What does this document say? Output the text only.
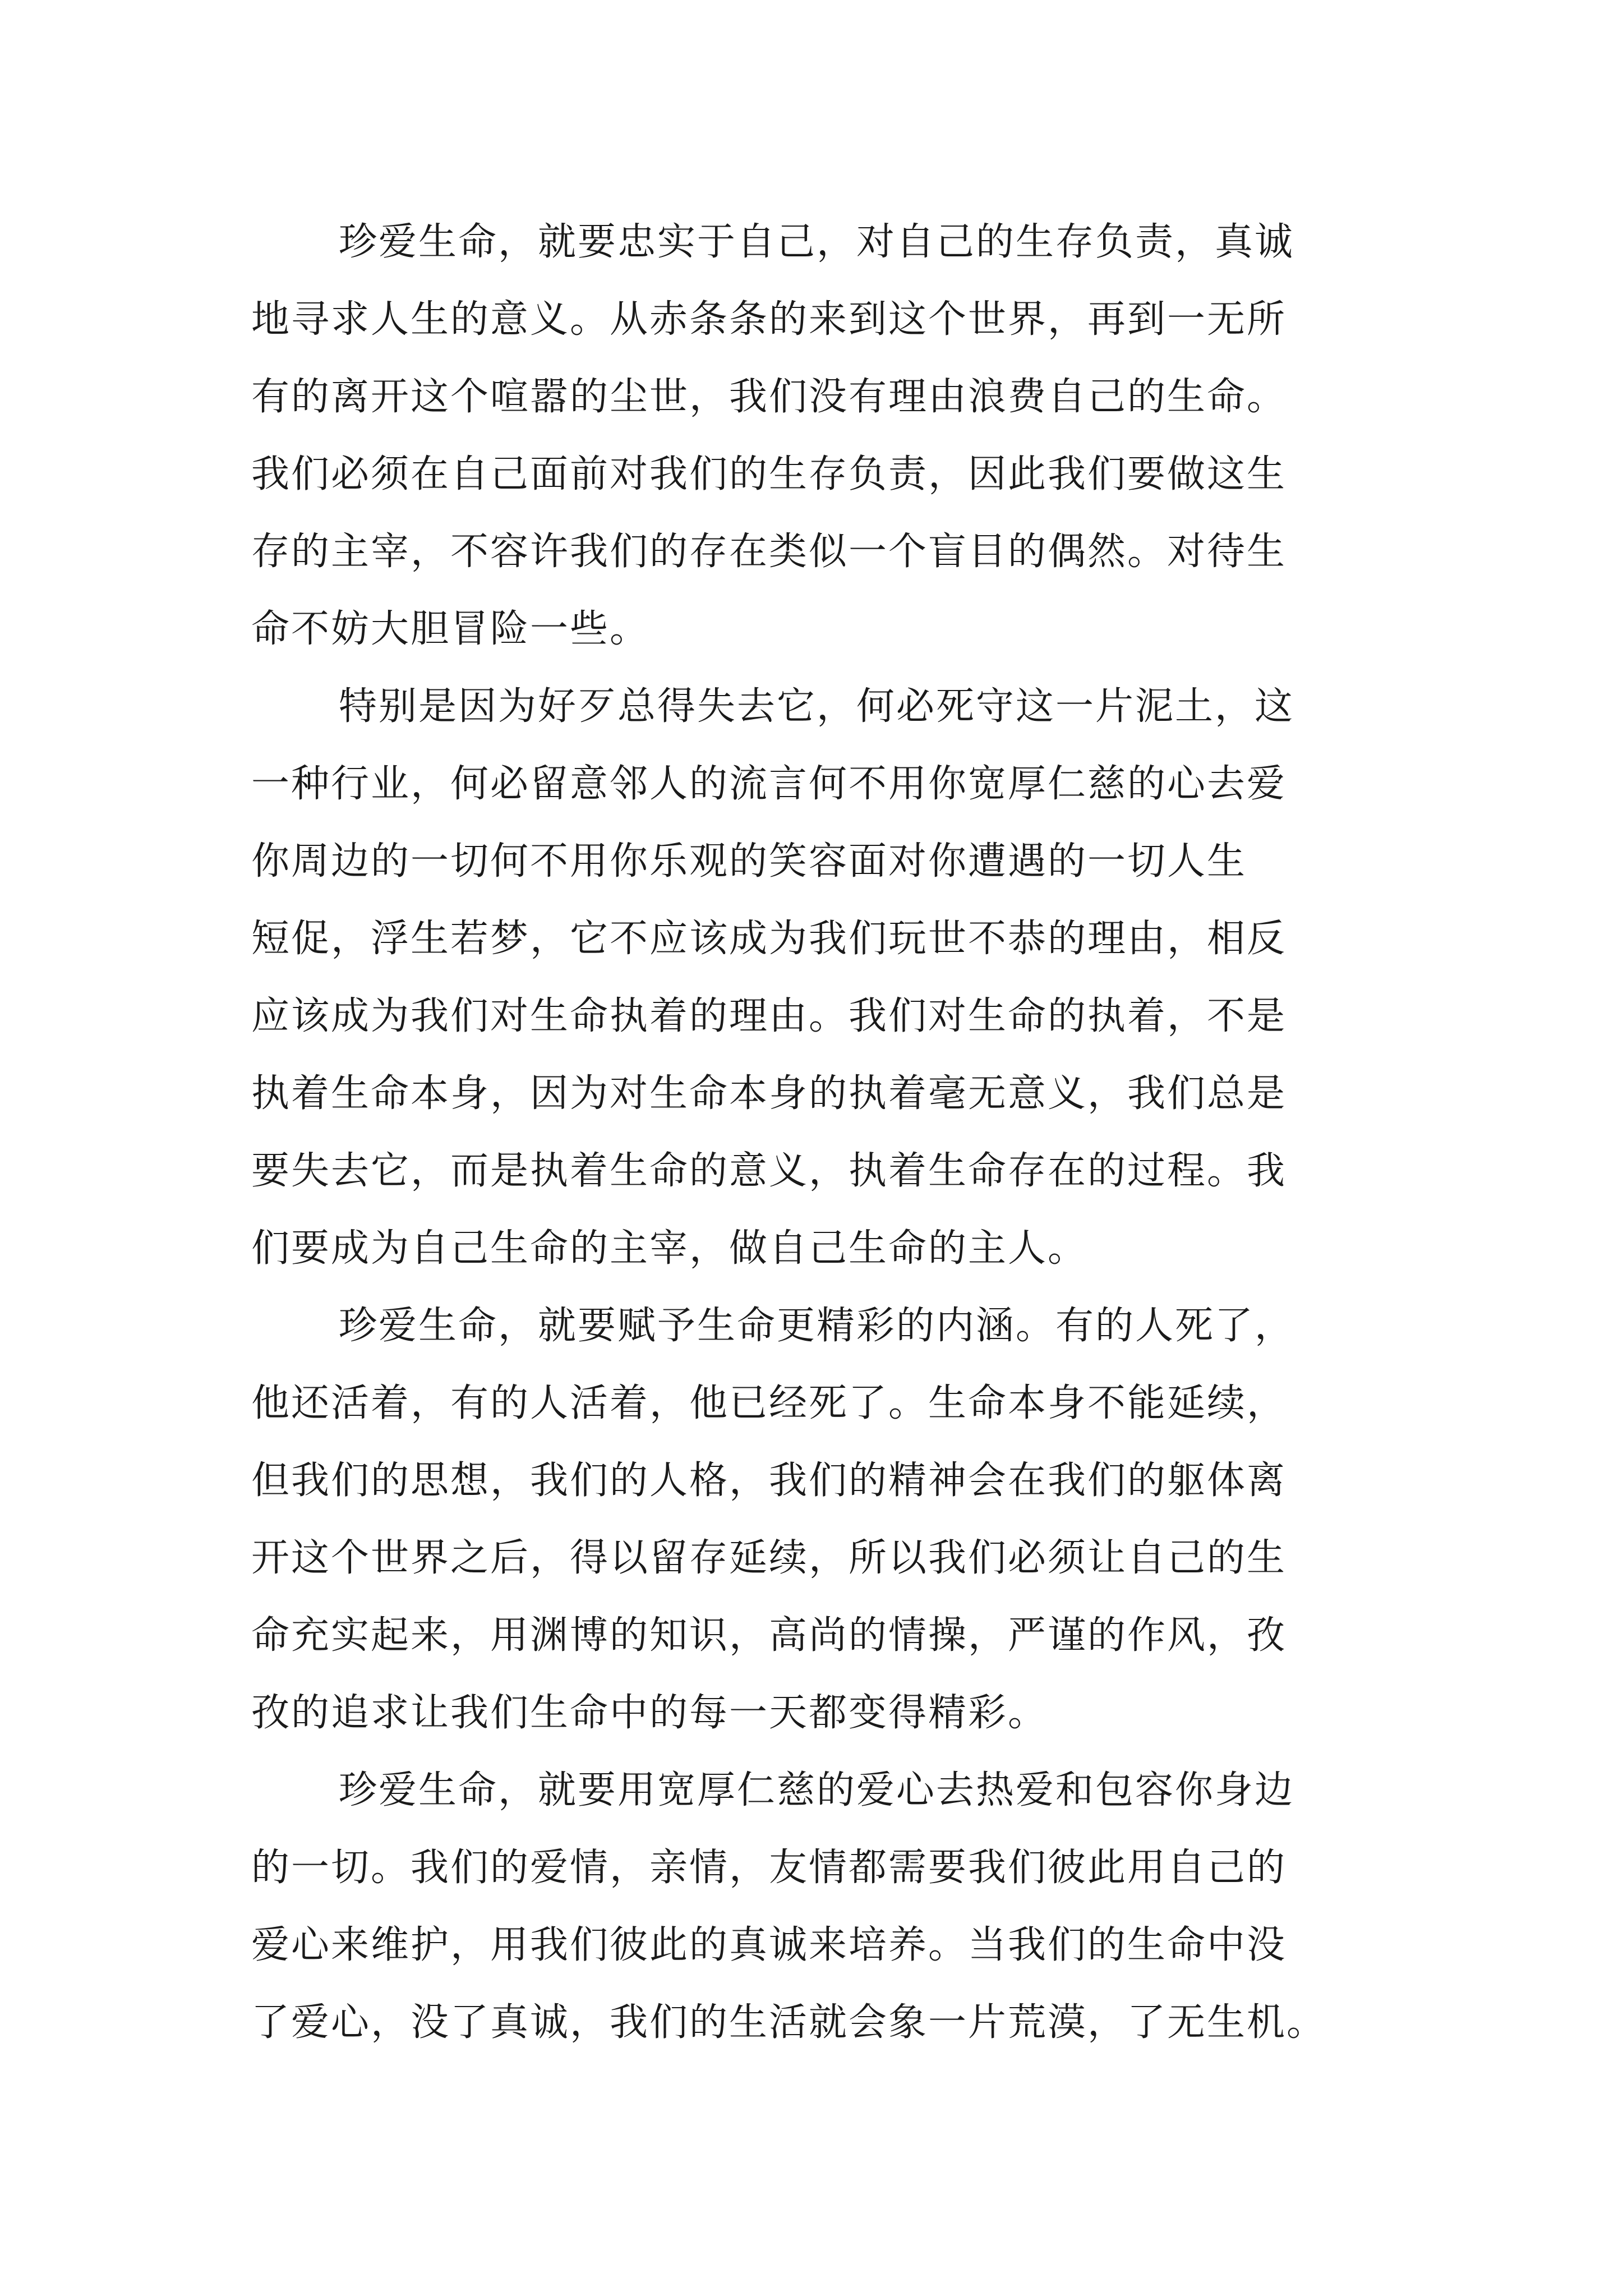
珍爱生命，就要忠实于自己，对自己的生存负责，真诚
地寻求人生的意义。从赤条条的来到这个世界，再到一无所
有的离开这个喧嚣的尘世，我们没有理由浪费自己的生命。
我们必须在自己面前对我们的生存负责，因此我们要做这生
存的主宰，不容许我们的存在类似一个盲目的偶然。对待生
命不妨大胆冒险一些。
特别是因为好歹总得失去它，何必死守这一片泥土，这
一种行业，何必留意邻人的流言何不用你宽厚仁慈的心去爱
你周边的一切何不用你乐观的笑容面对你遭遇的一切人生
短促，浮生若梦，它不应该成为我们玩世不恭的理由，相反
应该成为我们对生命执着的理由。我们对生命的执着，不是
执着生命本身，因为对生命本身的执着毫无意义，我们总是
要失去它，而是执着生命的意义，执着生命存在的过程。我
们要成为自己生命的主宰，做自己生命的主人。
珍爱生命，就要赋予生命更精彩的内涵。有的人死了，
他还活着，有的人活着，他已经死了。生命本身不能延续，
但我们的思想，我们的人格，我们的精神会在我们的躯体离
开这个世界之后，得以留存延续，所以我们必须让自己的生
命充实起来，用渊博的知识，高尚的情操，严谨的作风，孜
孜的追求让我们生命中的每一天都变得精彩。
珍爱生命，就要用宽厚仁慈的爱心去热爱和包容你身边
的一切。我们的爱情，亲情，友情都需要我们彼此用自己的
爱心来维护，用我们彼此的真诚来培养。当我们的生命中没
了爱心，没了真诚，我们的生活就会象一片荒漠，了无生机。
